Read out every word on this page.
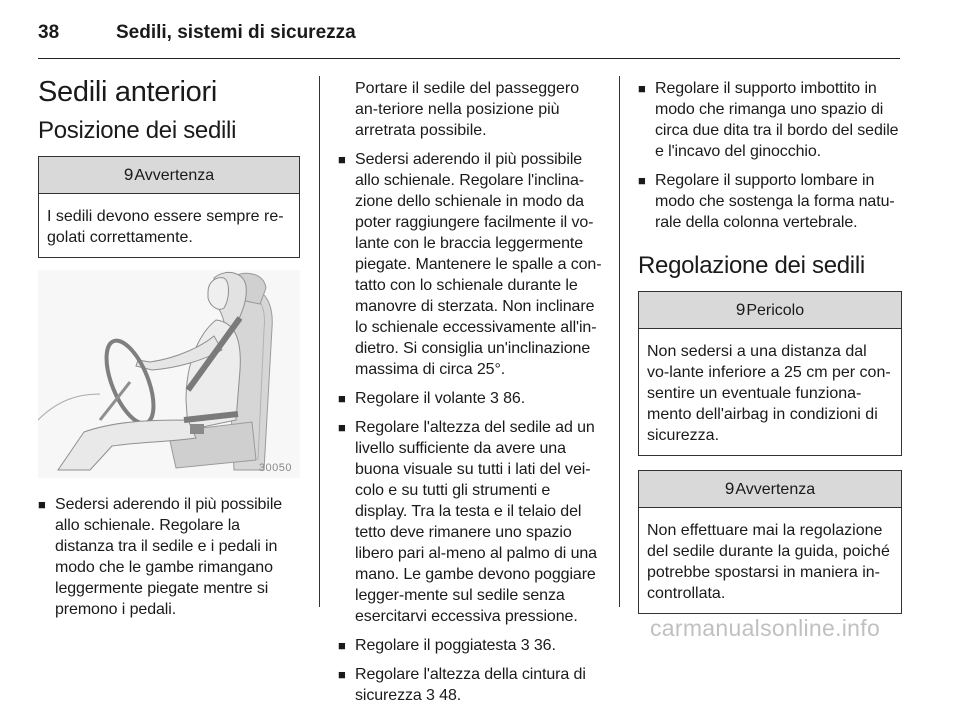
38	Sedili, sistemi di sicurezza
Sedili anteriori
Posizione dei sedili
9Avvertenza
I sedili devono essere sempre re-golati correttamente.
30050
■ Sedersi aderendo il più possibile allo schienale. Regolare la distanza tra il sedile e i pedali in modo che le gambe rimangano leggermente piegate mentre si premono i pedali.

Portare il sedile del passeggero an-teriore nella posizione più arretrata possibile.

■ Sedersi aderendo il più possibile allo schienale. Regolare l'inclina-zione dello schienale in modo da poter raggiungere facilmente il vo-lante con le braccia leggermente piegate. Mantenere le spalle a con-tatto con lo schienale durante le manovre di sterzata. Non inclinare lo schienale eccessivamente all'in-dietro. Si consiglia un'inclinazione massima di circa 25°.
■ Regolare il volante 3 86.
■ Regolare l'altezza del sedile ad un livello sufficiente da avere una buona visuale su tutti i lati del vei-colo e su tutti gli strumenti e display. Tra la testa e il telaio del tetto deve rimanere uno spazio libero pari al-meno al palmo di una mano. Le gambe devono poggiare legger-mente sul sedile senza esercitarvi eccessiva pressione.
■ Regolare il poggiatesta 3 36.
■ Regolare l'altezza della cintura di sicurezza 3 48.
■ Regolare il supporto imbottito in modo che rimanga uno spazio di circa due dita tra il bordo del sedile e l'incavo del ginocchio.
■ Regolare il supporto lombare in modo che sostenga la forma natu-rale della colonna vertebrale.
Regolazione dei sedili
9Pericolo
Non sedersi a una distanza dal vo-lante inferiore a 25 cm per con-sentire un eventuale funziona-mento dell'airbag in condizioni di sicurezza.
9Avvertenza
Non effettuare mai la regolazione del sedile durante la guida, poiché potrebbe spostarsi in maniera in-controllata.
carmanualsonline.info
